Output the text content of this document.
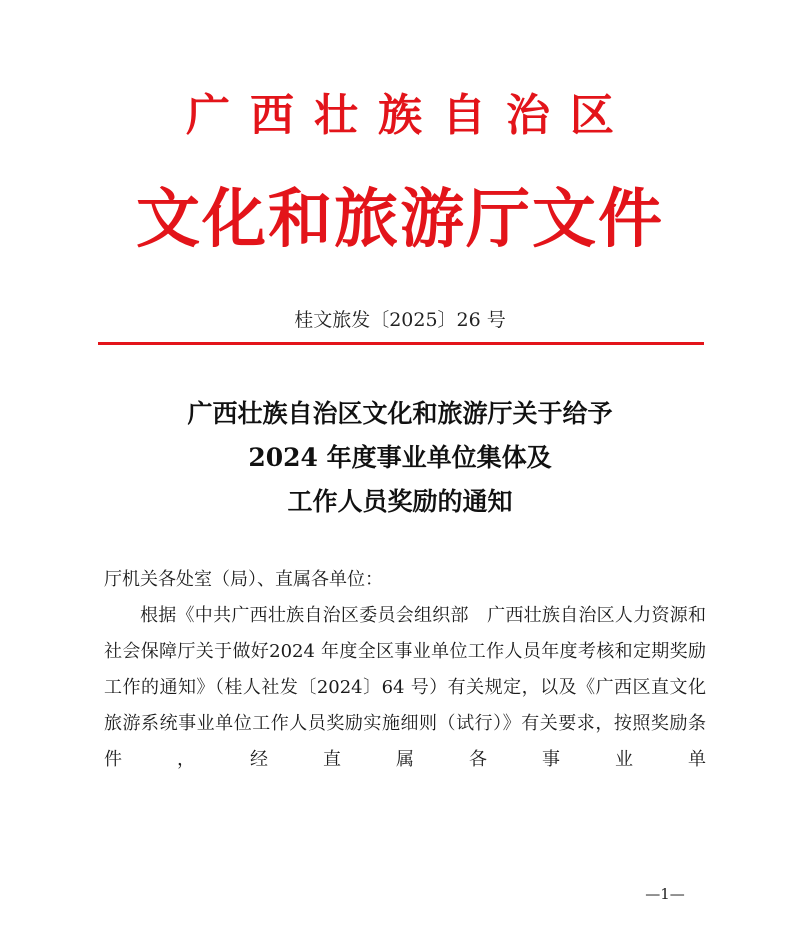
广西壮族自治区
文化和旅游厅文件
桂文旅发〔2025〕26 号
广西壮族自治区文化和旅游厅关于给予
2024 年度事业单位集体及
工作人员奖励的通知

厅机关各处室（局）、直属各单位：

根据《中共广西壮族自治区委员会组织部　广西壮族自治区人力资源和社会保障厅关于做好2024 年度全区事业单位工作人员年度考核和定期奖励工作的通知》（桂人社发〔2024〕64 号）有关规定，以及《广西区直文化旅游系统事业单位工作人员奖励实施细则（试行）》有关要求，按照奖励条件，经直属各事业单

—1—
